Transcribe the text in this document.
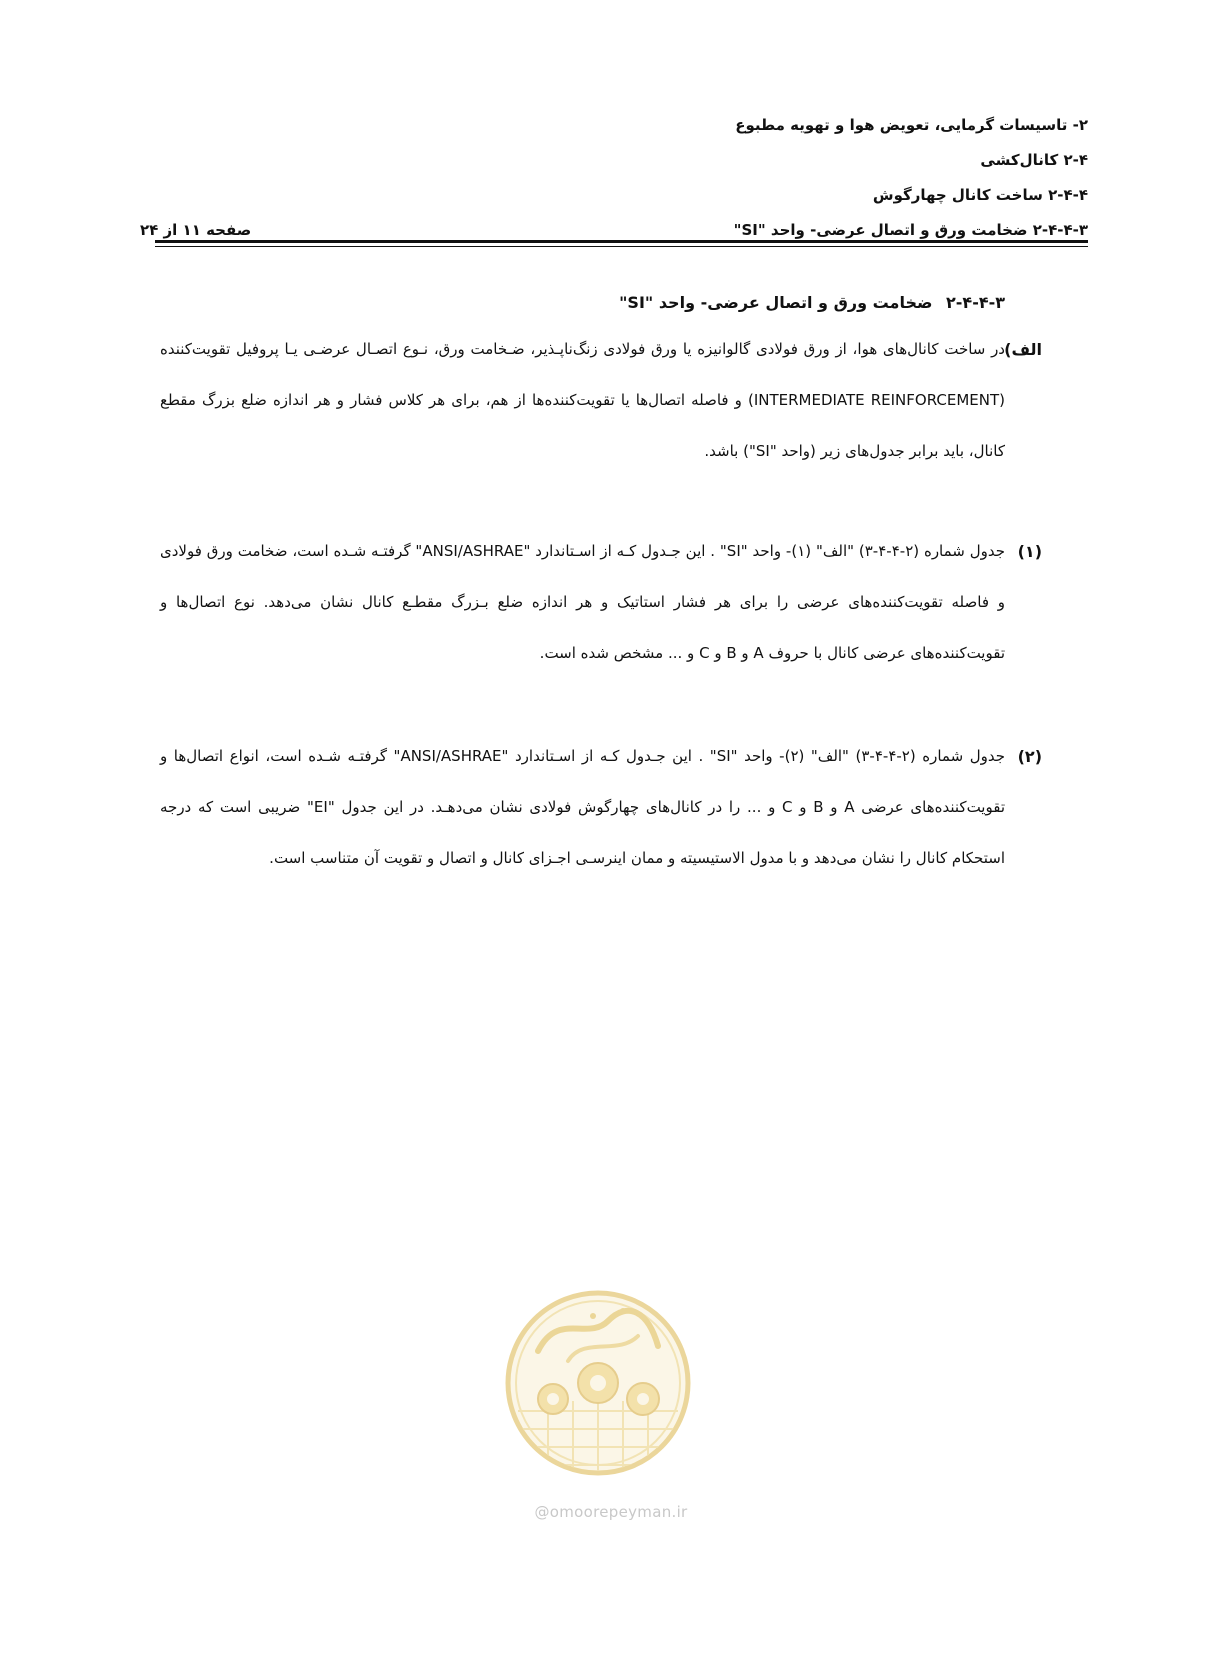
۲- تاسیسات گرمایی، تعویض هوا و تهویه مطبوع
۲-۴ کانال‌کشی
۲-۴-۴ ساخت کانال چهارگوش
۲-۴-۴-۳ ضخامت ورق و اتصال عرضی- واحد "SI"
صفحه ۱۱ از ۲۴
۲-۴-۴-۳ ضخامت ورق و اتصال عرضی- واحد "SI"
الف)
در ساخت کانال‌های هوا، از ورق فولادی گالوانیزه یا ورق فولادی زنگ‌ناپـذیر، ضـخامت ورق، نـوع اتصـال عرضـی یـا پروفیل تقویت‌کننده (INTERMEDIATE REINFORCEMENT) و فاصله اتصال‌ها یا تقویت‌کننده‌ها از هم، برای هر کلاس فشار و هر اندازه ضلع بزرگ مقطع کانال، باید برابر جدول‌های زیر (واحد "SI") باشد.
(۱)
جدول شماره (۲-۴-۴-۳) "الف" (۱)- واحد "SI" . این جـدول کـه از اسـتاندارد "ANSI/ASHRAE" گرفتـه شـده است، ضخامت ورق فولادی و فاصله تقویت‌کننده‌های عرضی را برای هر فشار استاتیک و هر اندازه ضلع بـزرگ مقطـع کانال نشان می‌دهد. نوع اتصال‌ها و تقویت‌کننده‌های عرضی کانال با حروف A و B و C و ... مشخص شده است.
(۲)
جدول شماره (۲-۴-۴-۳) "الف" (۲)- واحد "SI" . این جـدول کـه از اسـتاندارد "ANSI/ASHRAE" گرفتـه شـده است، انواع اتصال‌ها و تقویت‌کننده‌های عرضی A و B و C و ... را در کانال‌های چهارگوش فولادی نشان می‌دهـد. در این جدول "EI" ضریبی است که درجه استحکام کانال را نشان می‌دهد و با مدول الاستیسیته و ممان اینرسـی اجـزای کانال و اتصال و تقویت آن متناسب است.
@omoorepeyman.ir
